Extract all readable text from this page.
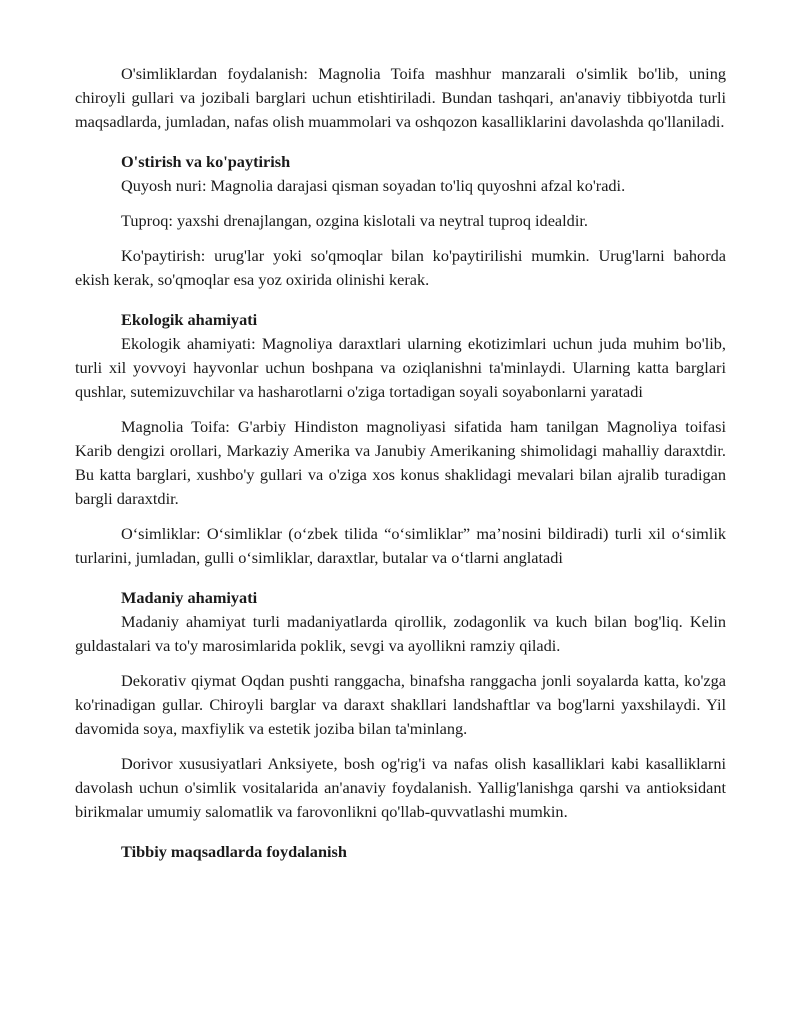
O'simliklardan foydalanish: Magnolia Toifa mashhur manzarali o'simlik bo'lib, uning chiroyli gullari va jozibali barglari uchun etishtiriladi. Bundan tashqari, an'anaviy tibbiyotda turli maqsadlarda, jumladan, nafas olish muammolari va oshqozon kasalliklarini davolashda qo'llaniladi.

O'stirish va ko'paytirish

Quyosh nuri: Magnolia darajasi qisman soyadan to'liq quyoshni afzal ko'radi.

Tuproq: yaxshi drenajlangan, ozgina kislotali va neytral tuproq idealdir.

Ko'paytirish: urug'lar yoki so'qmoqlar bilan ko'paytirilishi mumkin. Urug'larni bahorda ekish kerak, so'qmoqlar esa yoz oxirida olinishi kerak.

Ekologik ahamiyati

Ekologik ahamiyati: Magnoliya daraxtlari ularning ekotizimlari uchun juda muhim bo'lib, turli xil yovvoyi hayvonlar uchun boshpana va oziqlanishni ta'minlaydi. Ularning katta barglari qushlar, sutemizuvchilar va hasharotlarni o'ziga tortadigan soyali soyabonlarni yaratadi

Magnolia Toifa: G'arbiy Hindiston magnoliyasi sifatida ham tanilgan Magnoliya toifasi Karib dengizi orollari, Markaziy Amerika va Janubiy Amerikaning shimolidagi mahalliy daraxtdir. Bu katta barglari, xushbo'y gullari va o'ziga xos konus shaklidagi mevalari bilan ajralib turadigan bargli daraxtdir.

O‘simliklar: O‘simliklar (o‘zbek tilida “o‘simliklar” ma’nosini bildiradi) turli xil o‘simlik turlarini, jumladan, gulli o‘simliklar, daraxtlar, butalar va o‘tlarni anglatadi

Madaniy ahamiyati

Madaniy ahamiyat turli madaniyatlarda qirollik, zodagonlik va kuch bilan bog'liq. Kelin guldastalari va to'y marosimlarida poklik, sevgi va ayollikni ramziy qiladi.

Dekorativ qiymat Oqdan pushti ranggacha, binafsha ranggacha jonli soyalarda katta, ko'zga ko'rinadigan gullar. Chiroyli barglar va daraxt shakllari landshaftlar va bog'larni yaxshilaydi. Yil davomida soya, maxfiylik va estetik joziba bilan ta'minlang.

Dorivor xususiyatlari Anksiyete, bosh og'rig'i va nafas olish kasalliklari kabi kasalliklarni davolash uchun o'simlik vositalarida an'anaviy foydalanish. Yallig'lanishga qarshi va antioksidant birikmalar umumiy salomatlik va farovonlikni qo'llab-quvvatlashi mumkin.

Tibbiy maqsadlarda foydalanish
